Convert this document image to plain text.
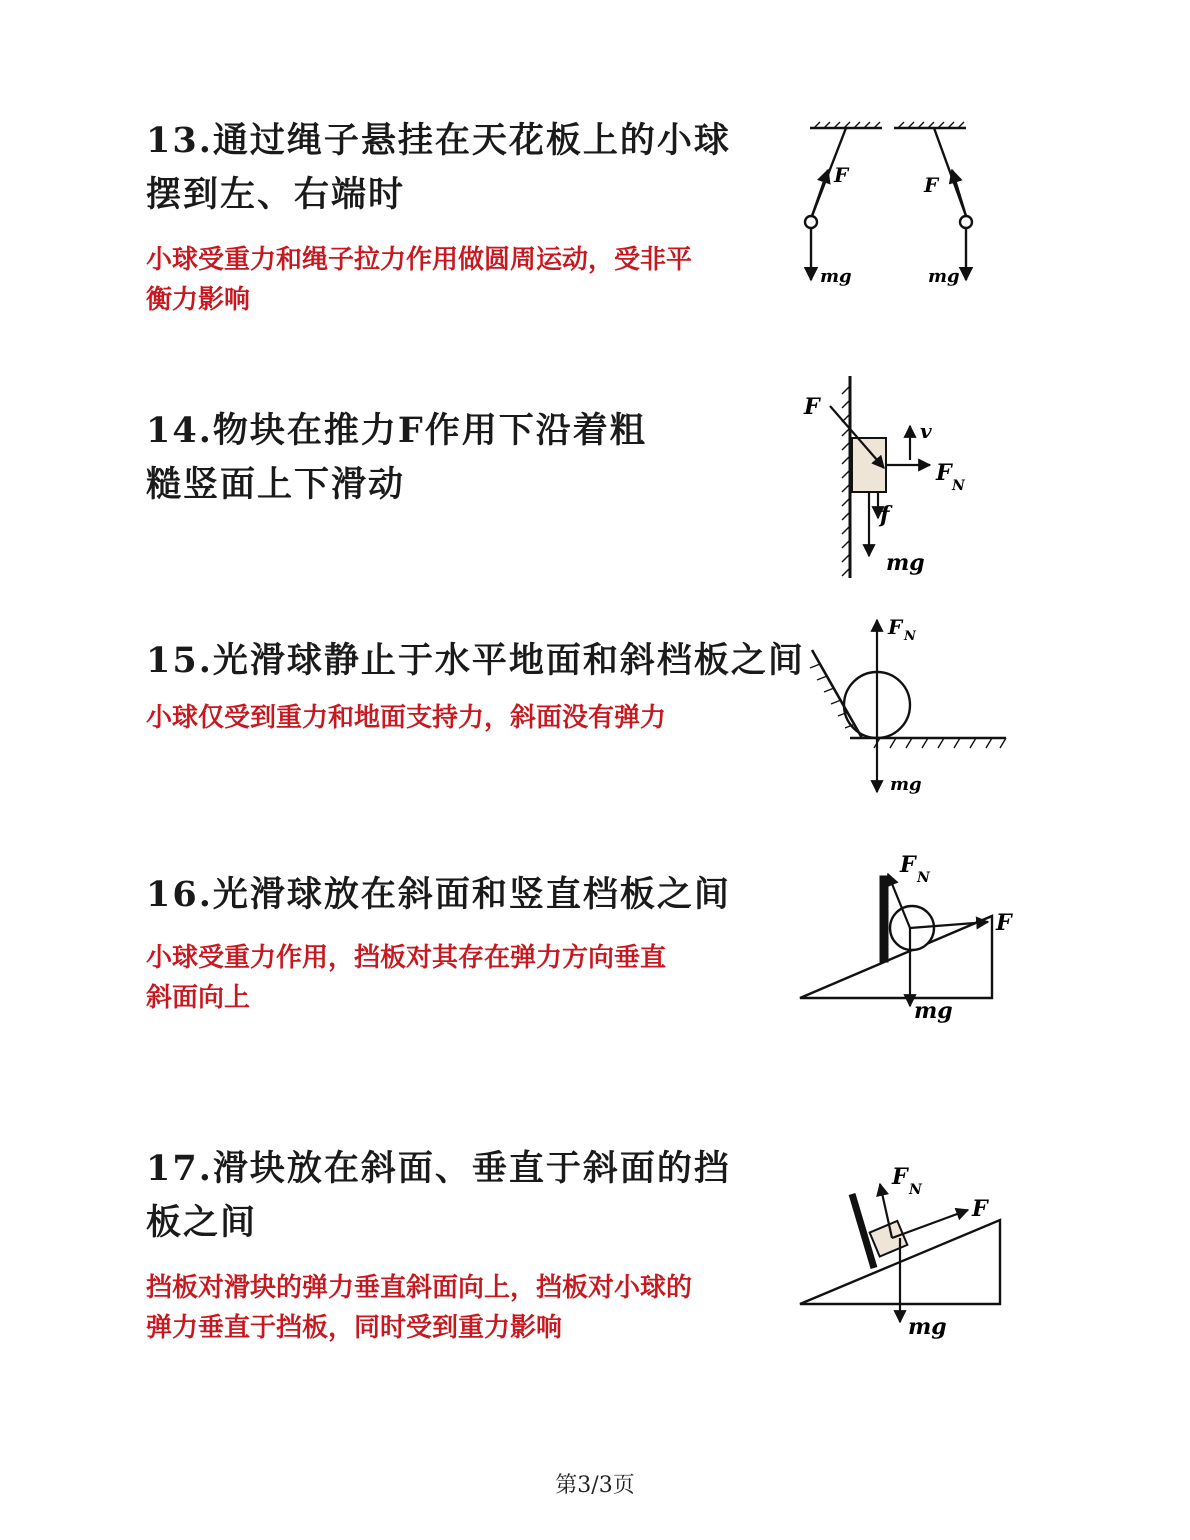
13.通过绳子悬挂在天花板上的小球
摆到左、右端时

小球受重力和绳子拉力作用做圆周运动，受非平
衡力影响
F	F
mg	mg

14.物块在推力F作用下沿着粗
糙竖面上下滑动

F
v
F N
f
mg

15.光滑球静止于水平地面和斜档板之间

小球仅受到重力和地面支持力，斜面没有弹力
F N
mg

16.光滑球放在斜面和竖直档板之间

小球受重力作用，挡板对其存在弹力方向垂直
斜面向上
F N
F
mg

17.滑块放在斜面、垂直于斜面的挡
板之间

挡板对滑块的弹力垂直斜面向上，挡板对小球的
弹力垂直于挡板，同时受到重力影响
F N
F
mg
第3/3页
